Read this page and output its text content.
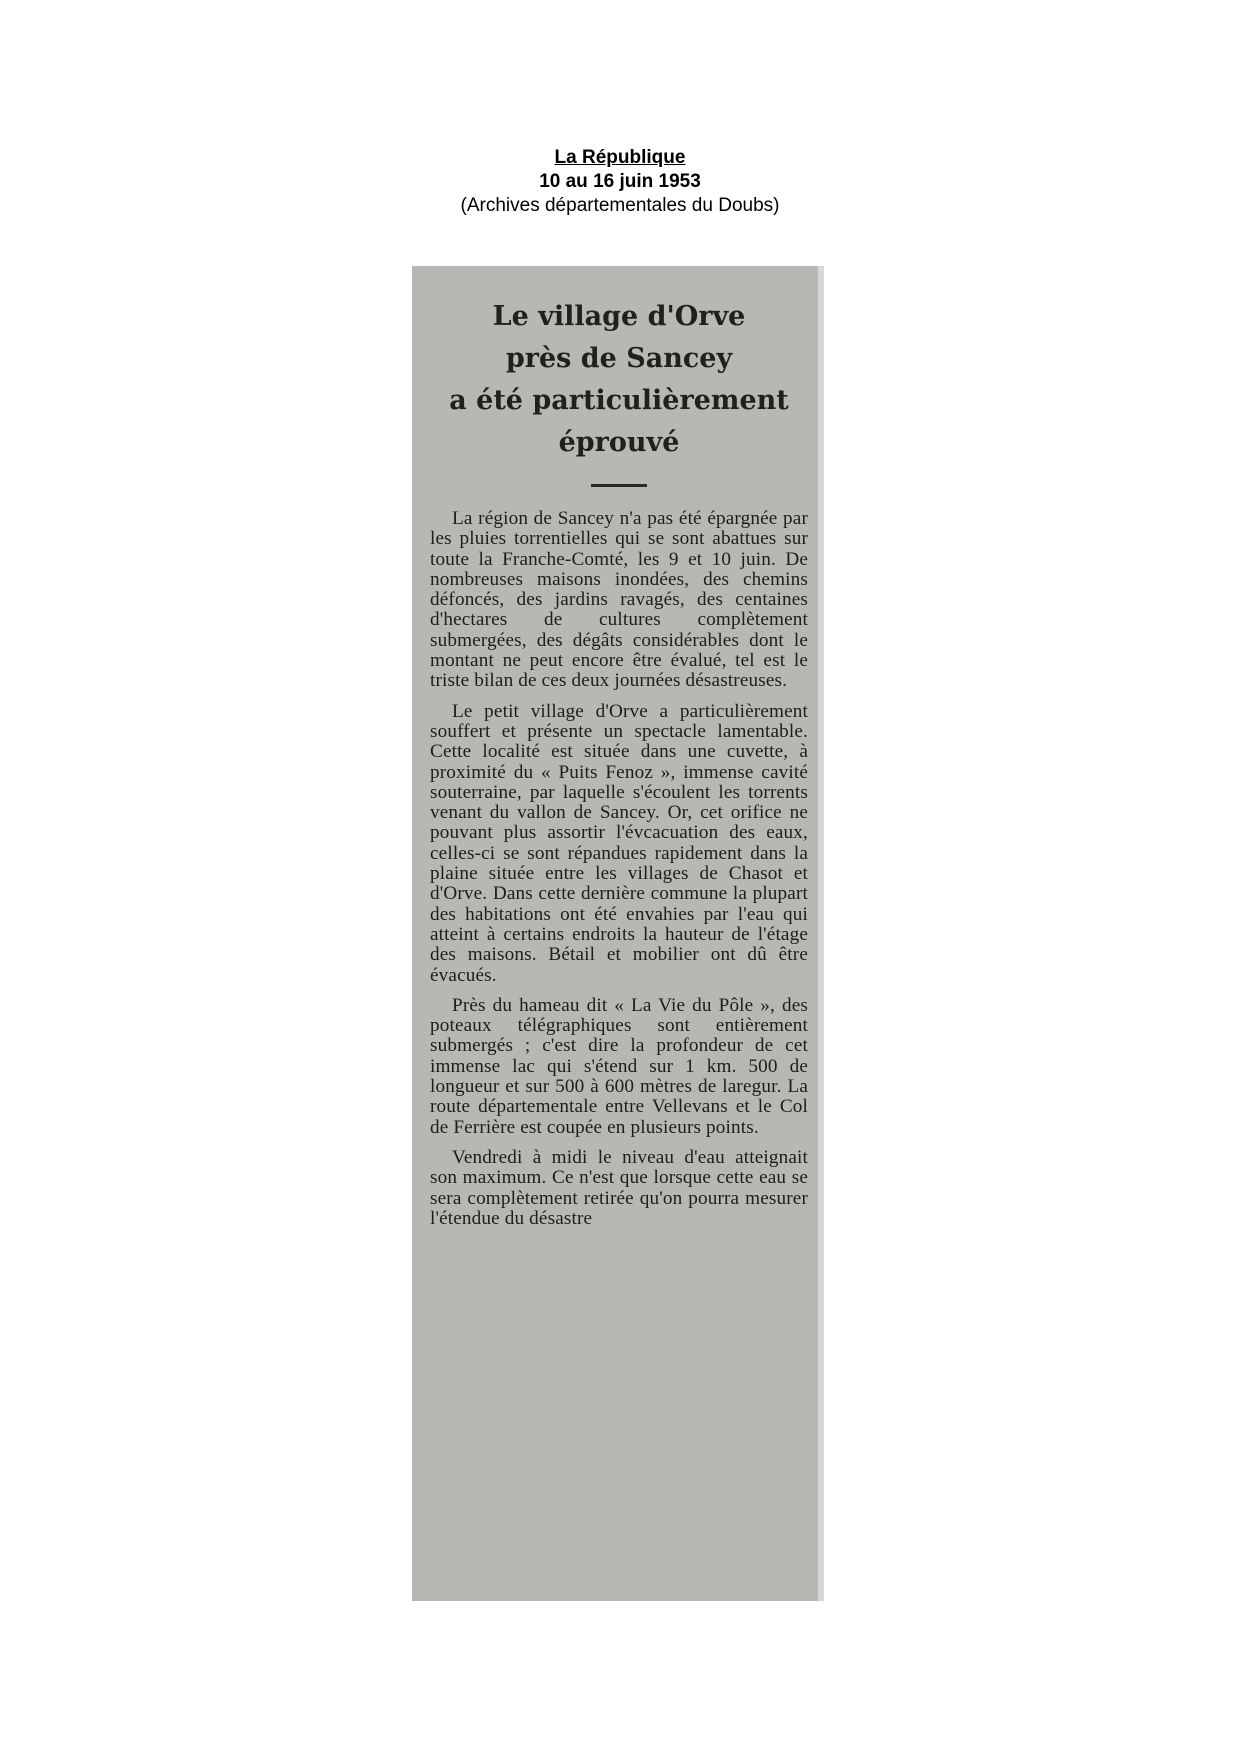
La République
10 au 16 juin 1953
(Archives départementales du Doubs)
Le village d'Orve
près de Sancey
a été particulièrement
éprouvé

La région de Sancey n'a pas été épargnée par les pluies torrentielles qui se sont abattues sur toute la Franche-Comté, les 9 et 10 juin. De nombreuses maisons inondées, des chemins défoncés, des jardins ravagés, des centaines d'hectares de cultures complètement submergées, des dégâts considérables dont le montant ne peut encore être évalué, tel est le triste bilan de ces deux journées désastreuses.

Le petit village d'Orve a particulièrement souffert et présente un spectacle lamentable. Cette localité est située dans une cuvette, à proximité du « Puits Fenoz », immense cavité souterraine, par laquelle s'écoulent les torrents venant du vallon de Sancey. Or, cet orifice ne pouvant plus assortir l'évcacuation des eaux, celles-ci se sont répandues rapidement dans la plaine située entre les villages de Chasot et d'Orve. Dans cette dernière commune la plupart des habitations ont été envahies par l'eau qui atteint à certains endroits la hauteur de l'étage des maisons. Bétail et mobilier ont dû être évacués.

Près du hameau dit « La Vie du Pôle », des poteaux télégraphiques sont entièrement submergés ; c'est dire la profondeur de cet immense lac qui s'étend sur 1 km. 500 de longueur et sur 500 à 600 mètres de laregur. La route départementale entre Vellevans et le Col de Ferrière est coupée en plusieurs points.

Vendredi à midi le niveau d'eau atteignait son maximum. Ce n'est que lorsque cette eau se sera complètement retirée qu'on pourra mesurer l'étendue du désastre
